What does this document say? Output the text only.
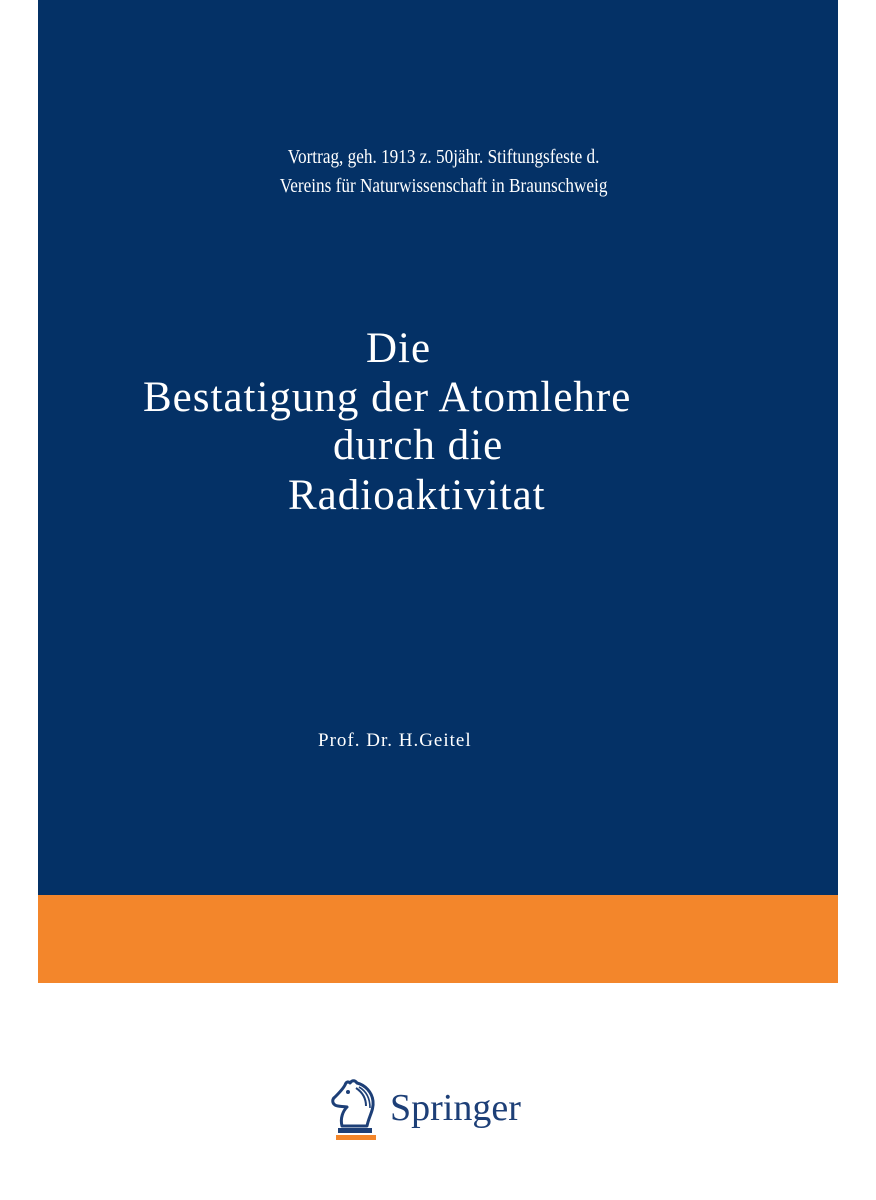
Vortrag, geh. 1913 z. 50jähr. Stiftungsfeste d.
Vereins für Naturwissenschaft in Braunschweig
Die
Bestatigung der Atomlehre
durch die
Radioaktivitat
Prof. Dr. H.Geitel
Springer
